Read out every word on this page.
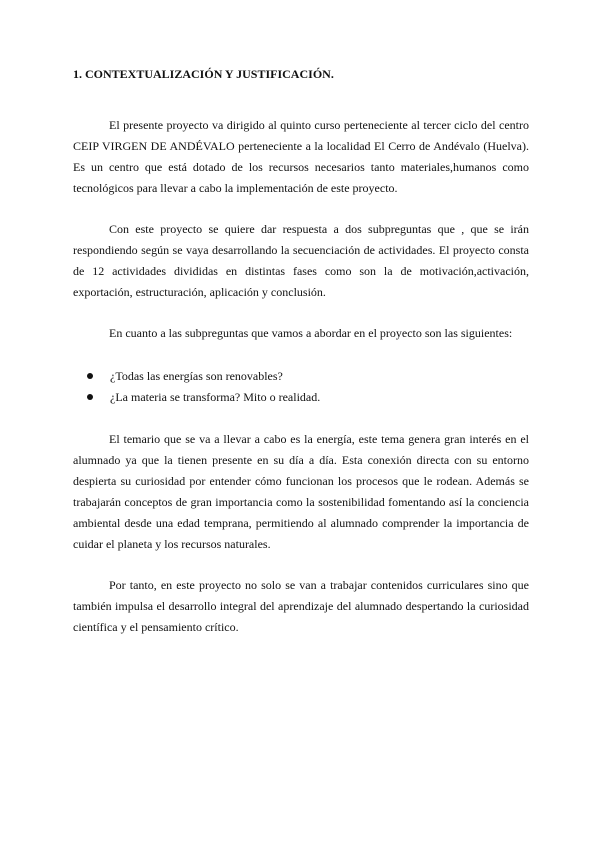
1. CONTEXTUALIZACIÓN Y JUSTIFICACIÓN.

El presente proyecto va dirigido al quinto curso perteneciente al tercer ciclo del centro CEIP VIRGEN DE ANDÉVALO perteneciente a la localidad El Cerro de Andévalo (Huelva). Es un centro que está dotado de los recursos necesarios tanto materiales,humanos como tecnológicos para llevar a cabo la implementación de este proyecto.

Con este proyecto se quiere dar respuesta a dos subpreguntas que , que se irán respondiendo según se vaya desarrollando la secuenciación de actividades. El proyecto consta de 12 actividades divididas en distintas fases como son la de motivación,activación, exportación, estructuración, aplicación y conclusión.

En cuanto a las subpreguntas que vamos a abordar en el proyecto son las siguientes:

¿Todas las energías son renovables?
¿La materia se transforma? Mito o realidad.

El temario que se va a llevar a cabo es la energía, este tema genera gran interés en el alumnado ya que la tienen presente en su día a día. Esta conexión directa con su entorno despierta su curiosidad por entender cómo funcionan los procesos que le rodean. Además se trabajarán conceptos de gran importancia como la sostenibilidad fomentando así la conciencia ambiental desde una edad temprana, permitiendo al alumnado comprender la importancia de cuidar el planeta y los recursos naturales.

Por tanto, en este proyecto no solo se van a trabajar contenidos curriculares sino que también impulsa el desarrollo integral del aprendizaje del alumnado despertando la curiosidad científica y el pensamiento crítico.
